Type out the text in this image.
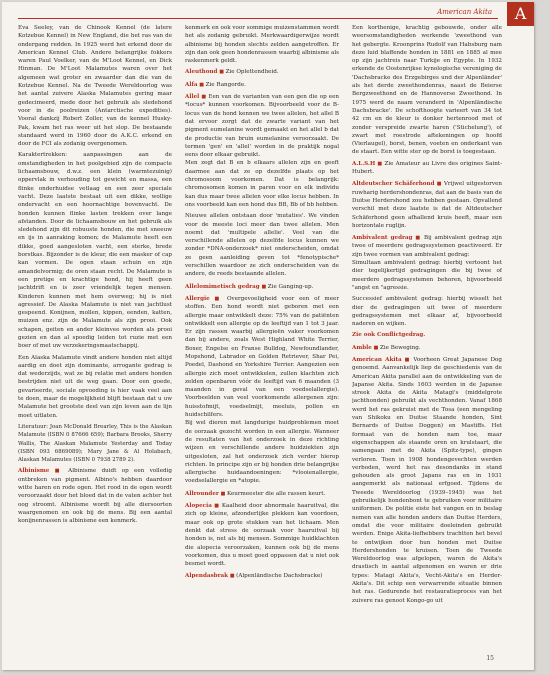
American Akita	A

Eva Seeley, van de Chinook Kennel (de latere Kotzebue Kennel) in New England, die het ras van de ondergang redden. In 1925 werd het erkend door de American Kennel Club. Andere belangrijke fokkers waren Paul Voelker, van de M'Loot Kennel, en Dick Hinman. De M'Loot Malamutes waren over het algemeen wat groter en zwaarder dan die van de Kotzebue Kennel. Na de Tweede Wereldoorlog was het aantal zuivere Alaska Malamutes gering maar gedecimeerd, mede door het gebruik als sledehond voor in de poolreizen (Antarctische expedities). Vooral dankzij Robert Zoller, van de kennel Husky-Pak, kwam het ras weer uit het slop. De bestaande standaard werd in 1960 door de A.K.C. erkend en door de FCI als zodanig overgenomen.

Karaktertrekken: aanpassingen aan de omstandigheden in het poolgebied zijn de compacte lichaamsbouw, d.w.z. een klein (warmtezuinig) oppervlak in verhouding tot gewicht en massa, een flinke onderhuidse vetlaag en een zeer speciale vacht. Deze laatste bestaat uit een dikke, wollige ondervacht en een hoornachtige bovenvacht. De honden kunnen flinke lasten trekken over lange afstanden. Door de lichaamsbouw en het gebruik als sledehond zijn dit robuuste honden, die met sneeuw en ijs in aanraking komen; de Malamute heeft een dikke, goed aangesloten vacht, een sterke, brede borstkas. Bijzonder is de kleur, die een masker of cap kan vormen. De ogen staan schuin en zijn amandelvormig; de oren staan recht. De Malamute is een pretige en krachtige hond, hij heeft geen jachtdrift en is zeer vriendelijk tegen mensen. Kinderen kunnen met hem overweg; hij is niet agressief. De Alaska Malamute is niet van jachtlust gespeend. Konijnen, mollen, kippen, eenden, katten, muizen enz. zijn de Malamute als zijn prooi. Ook schapen, geiten en ander kleinvee worden als prooi gezien en dan al spoedig leiden tot ruzie met een boer of met uw verzekeringsmaatschappij.

Een Alaska Malamute vindt andere honden niet altijd aardig en doet zijn dominante, arrogante gedrag is dat wederzijds, wat ze bij relatie met andere honden bestrijden niet uit de weg gaan. Door een goede, gevarieerde, sociale opvoeding is hier vaak veel aan te doen, maar de mogelijkheid blijft bestaan dat u uw Malamute het grootste deel van zijn leven aan de lijn moet uitlaten.

Literatuur: Joan McDonald Brearley, This is the Alaskan Malamute (ISBN 0 87666 659); Barbara Brooks, Sherry Wallis, The Alaskan Malamute Yesterday and Today (ISBN 093 6869089); Mary Jane & Al Holabach, Alaskan Malamutes (ISBN 0 7938 2789 2).

Albinisme ■ Albinisme duidt op een volledig ontbreken van pigment. Albino's hebben daardoor witte haren en rode ogen. Het rood in de ogen wordt veroorzaakt door het bloed dat in de vaten achter het oog stroomt. Albinisme wordt bij alle diersoorten waargenomen en ook bij de mens. Bij een aantal konijnenrassen is albinisme een kenmerk.

kenmerk en ook voor sommige muizenstammen wordt het als zodanig gebruikt. Merkwaardigerwijze wordt albinisme bij honden slechts zelden aangetroffen. Er zijn dan ook geen hondenrassen waarbij albinisme als raskenmerk geldt.

Aleuthond ■ Zie Oplettendheid.
Alfa ■ Zie Rangorde.
Allel ■ Een van de varianten van een gen die op een *locus* kunnen voorkomen. Bijvoorbeeld voor de B-locus van de hond kennen we twee allelen, het allel B dat ervoor zorgt dat de zwarte variant van het pigment eumelanine wordt gemaakt en het allel b dat de productie van bruin eumelanine veroorzaakt. De termen 'gen' en 'allel' worden in de praktijk nogal eens door elkaar gebruikt.

Men zegt dat B en b elkaars allelen zijn en geeft daarmee aan dat ze op dezelfde plaats op het chromosoom voorkomen. Dat is belangrijk: chromosomen komen in paren voor en elk individu kan dus maar twee allelen voor elke locus hebben. In ons voorbeeld kan een hond dus BB, Bb of bb hebben.

Nieuwe allelen ontstaan door 'mutaties'. We vinden voor de meeste loci meer dan twee allelen. Men noemt dat 'multipele allelie'. Veel van die verschillende allelen op dezelfde locus kunnen we zonder *DNA-onderzoek* niet onderscheiden, omdat ze geen aanleiding geven tot *fenotypische* verschillen waardoor ze zich onderscheiden van de andere, de reeds bestaande allelen.

Allelomimetisch gedrag ■ Zie Ganging-up.
Allergie ■ Overgevoeligheid voor een of meer stoffen. Een hond wordt niet geboren met een allergie maar ontwikkelt deze: 75% van de patiënten ontwikkelt een allergie op de leeftijd van 1 tot 3 jaar. Er zijn rassen waarbij allergieën vaker voorkomen dan bij andere, zoals West Highland White Terrier, Boxer, Engelse en Franse Bulldog, Newfoundlander, Mopshond, Labrador en Golden Retriever, Shar Pei, Poedel, Dashond en Yorkshire Terrier. Aangezien een allergie zich moet ontwikkelen, zullen klachten zich zelden openbaren vóór de leeftijd van 6 maanden (3 maanden in geval van een voedselallergie). Voorbeelden van veel voorkomende allergenen zijn: huisstofmijt, voedselmijt, meeluis, pollen en huidschilfers.

Bij wel dieren met langdurige huidproblemen moet de oorzaak gezocht worden in een allergie. Wanneer de resultaten van het onderzoek in deze richting wijzen en verschillende andere huidziekten zijn uitgesloten, zal het onderzoek zich verder hierop richten. In principe zijn er bij honden drie belangrijke allergische huidaandoeningen: *vlooienallergie, voedselallergie en *atopie.

Allrounder ■ Keurmeester die alle rassen keurt.
Alopecia ■ Kaalheid door abnormale haaruitval, die zich op kleine, afzonderlijke plekken kan voordoen, maar ook op grote stukken van het lichaam. Men denkt dat stress de oorzaak voor haaruitval bij honden is, net als bij mensen. Sommige huidklachten die alopecia veroorzaken, kunnen ook bij de mens voorkomen, dus u moet goed oppassen dat u niet ook besmet wordt.
Alpendasbrak ■ (Alpenländische Dachsbracke)

Een korthenige, krachtig gebouwde, onder alle weersomstandigheden werkende 'zweethond van het gebergte. Kroonprins Rudolf van Habsburg nam deze luid blaffende honden in 1881 en 1885 al mee op zijn jachtreis naar Turkije en Egypte. In 1932 erkende de Oostenrijkse kynologische vereniging de 'Dachsbracke des Erzgebirges und der Alpenländer' als het derde zweethondenras, naast de Beierse Bergzweethond en de Hannoverse Zweethond. In 1975 werd de naam veranderd in 'Alpenländische Dachsbracke'. De schofthoogte varieert van 34 tot 42 cm en de kleur is donker hertenrood met of zonder verspreide zwarte haren ('Stichelung'), of zwart met roestrode aftekeningen op hoofd (Vierlaugel), borst, benen, voeten en onderkant van de staart. Een witte ster op de borst is toegestaan.

A.L.S.H ■ Zie Amateur au Livre des origines Saint-Hubert.
Altdeutscher Schäferhond ■ Vrijwel uitgestorven ruwharig herdershondenras, dat aan de basis van de Duitse Herdershond zou hebben gestaan. Opvallend verschil met deze laatste is dat de Altdeutscher Schäferhond geen afhallend kruis heeft, maar een horizontale ruglijn.
Ambivalent gedrag ■ Bij ambivalent gedrag zijn twee of meerdere gedragssystemen geactiveerd. Er zijn twee vormen van ambivalent gedrag:

Simultaan ambivalent gedrag: hierbij vertoont het dier tegelijkertijd gedragingen die bij twee of meerdere gedragssystemen behoren, bijvoorbeeld "angst en "agressie.

Successief ambivalent gedrag: hierbij wisselt het dier de gedragingen uit twee of meerdere gedragssystemen met elkaar af, bijvoorbeeld naderen en wijken.

Zie ook Conflictgedrag.

Amble ■ Zie Beweging.
American Akita ■ Voorheen Great Japanese Dog genoemd. Aanvankelijk liep de geschiedenis van de American Akita parallel aan de ontwikkeling van de Japanse Akita. Sinds 1603 werden in de Japanse streek Akita de Akita Matagi's (middelgrote jachthonden) gebruikt als vechthonden. Vanaf 1868 werd het ras gekruist met de Tosa (een mengeling van Shikoku en Duitse Staande honden, Sint Bernards of Duitse Doggen) en Mastiffs. Het formaat van de honden nam toe, maar eigenschappen als staande oren en krulstaart, die samengaan met de Akita (Spitz-type), gingen verloren. Toen in 1908 hondengevechten werden verboden, werd het ras desondanks in stand gehouden als groot Japans ras en in 1931 aangemerkt als nationaal erfgoed. Tijdens de Tweede Wereldoorlog (1939–1945) was het gebruikelijk hondenbont te gebruiken voor militaire uniformen. De politie eiste het vangen en in beslag nemen van alle honden anders dan Duitse Herders, omdat die voor militaire doeleinden gebruikt werden. Enige Akita-liefhebbers trachtten het bevel te ontwijken door hun honden met Duitse Herdershonden te kruisen. Toen de Tweede Wereldoorlog was afgelopen, waren de Akita's drastisch in aantal afgenomen en waren er drie types: Matagi Akita's, Vecht-Akita's en Herder-Akita's. Dit schip een verwarrende situatie binnen het ras. Gedurende het restauratieproces van het zuivere ras genoot Kongo-go uit
15
